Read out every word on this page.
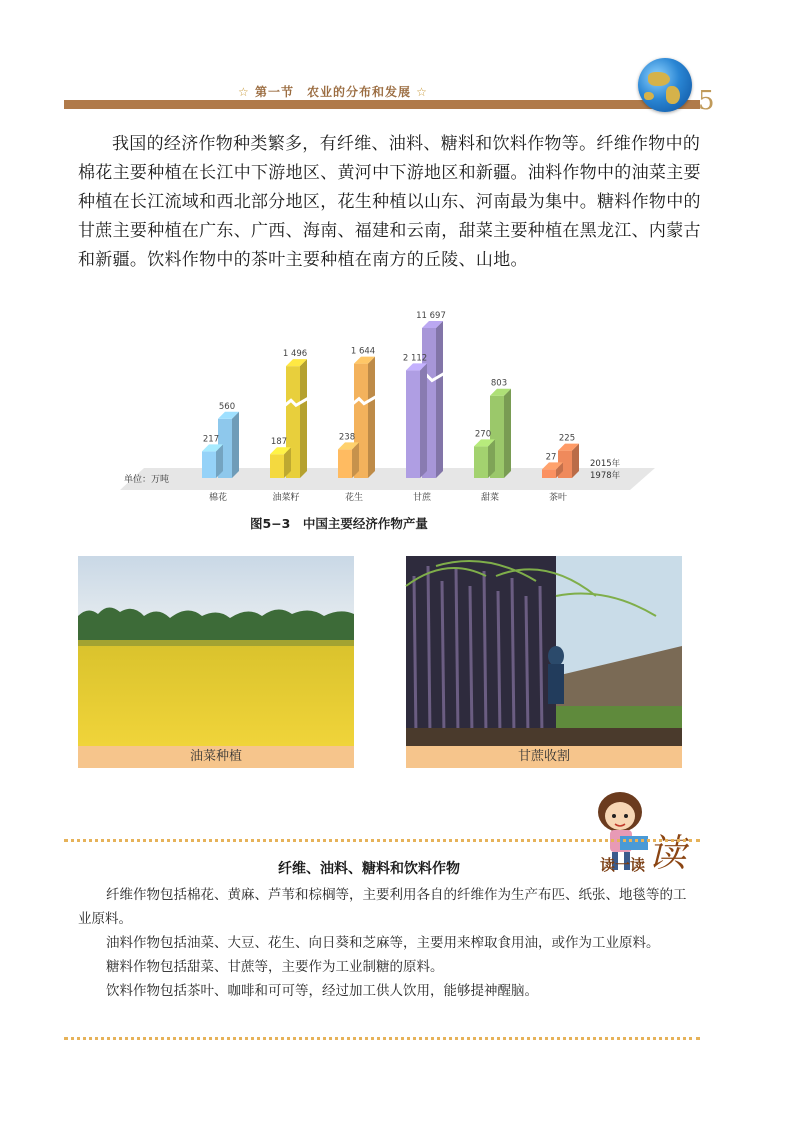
☆ 第一节　农业的分布和发展 ☆	5
我国的经济作物种类繁多，有纤维、油料、糖料和饮料作物等。纤维作物中的棉花主要种植在长江中下游地区、黄河中下游地区和新疆。油料作物中的油菜主要种植在长江流域和西北部分地区，花生种植以山东、河南最为集中。糖料作物中的甘蔗主要种植在广东、广西、海南、福建和云南，甜菜主要种植在黑龙江、内蒙古和新疆。饮料作物中的茶叶主要种植在南方的丘陵、山地。
单位：万吨
560
217
棉花
1 496
187
油菜籽
1 644
238
花生
11 697
2 112
甘蔗
803
270
甜菜
225
27
茶叶
2015年
1978年
图5−3　中国主要经济作物产量
油菜种植	甘蔗收割
读
纤维、油料、糖料和饮料作物	读一读

纤维作物包括棉花、黄麻、芦苇和棕榈等，主要利用各自的纤维作为生产布匹、纸张、地毯等的工业原料。

油料作物包括油菜、大豆、花生、向日葵和芝麻等，主要用来榨取食用油，或作为工业原料。

糖料作物包括甜菜、甘蔗等，主要作为工业制糖的原料。

饮料作物包括茶叶、咖啡和可可等，经过加工供人饮用，能够提神醒脑。
